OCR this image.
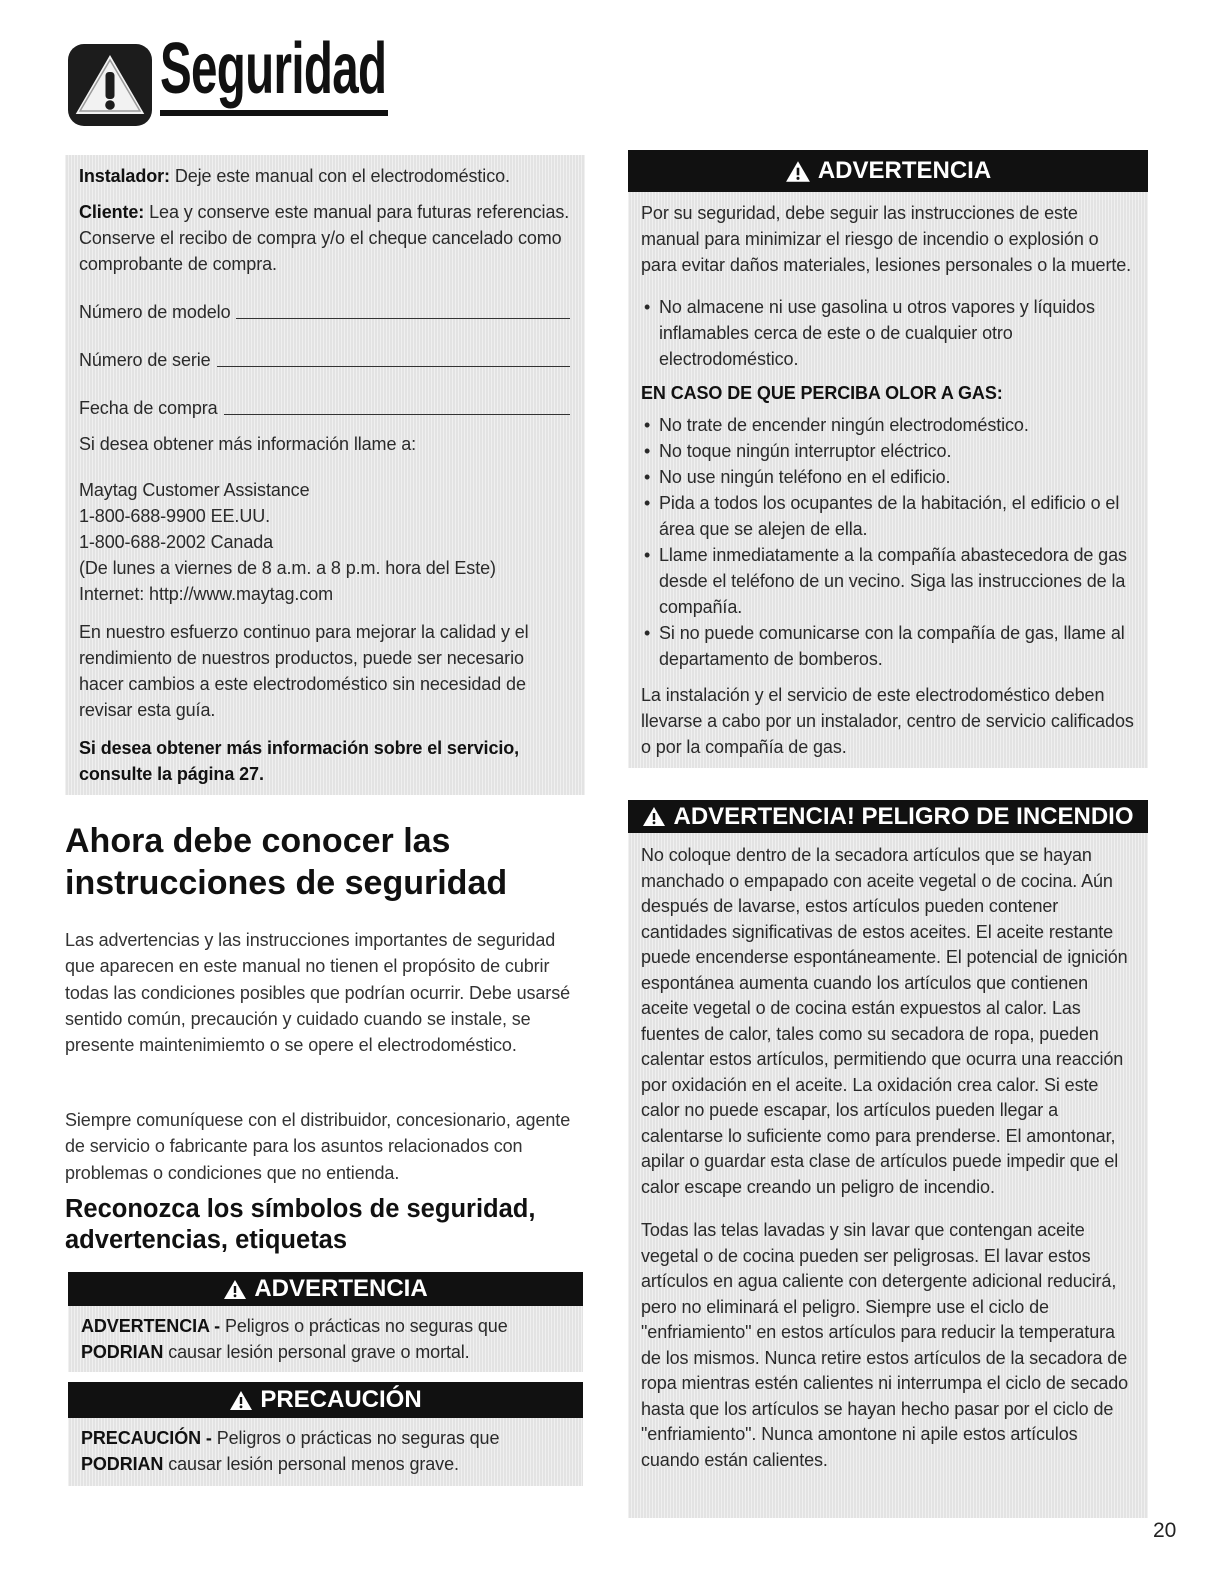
Seguridad

Instalador: Deje este manual con el electrodoméstico.

Cliente: Lea y conserve este manual para futuras referencias. Conserve el recibo de compra y/o el cheque cancelado como comprobante de compra.

Número de modelo
Número de serie
Fecha de compra

Si desea obtener más información llame a:

Maytag Customer Assistance
1-800-688-9900 EE.UU.
1-800-688-2002 Canada
(De lunes a viernes de 8 a.m. a 8 p.m. hora del Este)
Internet: http://www.maytag.com

En nuestro esfuerzo continuo para mejorar la calidad y el rendimiento de nuestros productos, puede ser necesario hacer cambios a este electrodoméstico sin necesidad de revisar esta guía.

Si desea obtener más información sobre el servicio, consulte la página 27.

Ahora debe conocer las instrucciones de seguridad

Las advertencias y las instrucciones importantes de seguridad que aparecen en este manual no tienen el propósito de cubrir todas las condiciones posibles que podrían ocurrir. Debe usarsé sentido común, precaución y cuidado cuando se instale, se presente maintenimiemto o se opere el electrodoméstico.

Siempre comuníquese con el distribuidor, concesionario, agente de servicio o fabricante para los asuntos relacionados con problemas o condiciones que no entienda.

Reconozca los símbolos de seguridad, advertencias, etiquetas
ADVERTENCIA

ADVERTENCIA - Peligros o prácticas no seguras que PODRIAN causar lesión personal grave o mortal.

PRECAUCIÓN

PRECAUCIÓN - Peligros o prácticas no seguras que PODRIAN causar lesión personal menos grave.

ADVERTENCIA

Por su seguridad, debe seguir las instrucciones de este manual para minimizar el riesgo de incendio o explosión o para evitar daños materiales, lesiones personales o la muerte.

• No almacene ni use gasolina u otros vapores y líquidos inflamables cerca de este o de cualquier otro electrodoméstico.

EN CASO DE QUE PERCIBA OLOR A GAS:

• No trate de encender ningún electrodoméstico.
• No toque ningún interruptor eléctrico.
• No use ningún teléfono en el edificio.
• Pida a todos los ocupantes de la habitación, el edificio o el área que se alejen de ella.
• Llame inmediatamente a la compañía abastecedora de gas desde el teléfono de un vecino. Siga las instrucciones de la compañía.
• Si no puede comunicarse con la compañía de gas, llame al departamento de bomberos.

La instalación y el servicio de este electrodoméstico deben llevarse a cabo por un instalador, centro de servicio calificados o por la compañía de gas.

ADVERTENCIA! PELIGRO DE INCENDIO

No coloque dentro de la secadora artículos que se hayan manchado o empapado con aceite vegetal o de cocina. Aún después de lavarse, estos artículos pueden contener cantidades significativas de estos aceites. El aceite restante puede encenderse espontáneamente. El potencial de ignición espontánea aumenta cuando los artículos que contienen aceite vegetal o de cocina están expuestos al calor. Las fuentes de calor, tales como su secadora de ropa, pueden calentar estos artículos, permitiendo que ocurra una reacción por oxidación en el aceite. La oxidación crea calor. Si este calor no puede escapar, los artículos pueden llegar a calentarse lo suficiente como para prenderse. El amontonar, apilar o guardar esta clase de artículos puede impedir que el calor escape creando un peligro de incendio.

Todas las telas lavadas y sin lavar que contengan aceite vegetal o de cocina pueden ser peligrosas. El lavar estos artículos en agua caliente con detergente adicional reducirá, pero no eliminará el peligro. Siempre use el ciclo de "enfriamiento" en estos artículos para reducir la temperatura de los mismos. Nunca retire estos artículos de la secadora de ropa mientras estén calientes ni interrumpa el ciclo de secado hasta que los artículos se hayan hecho pasar por el ciclo de "enfriamiento". Nunca amontone ni apile estos artículos cuando están calientes.

20
